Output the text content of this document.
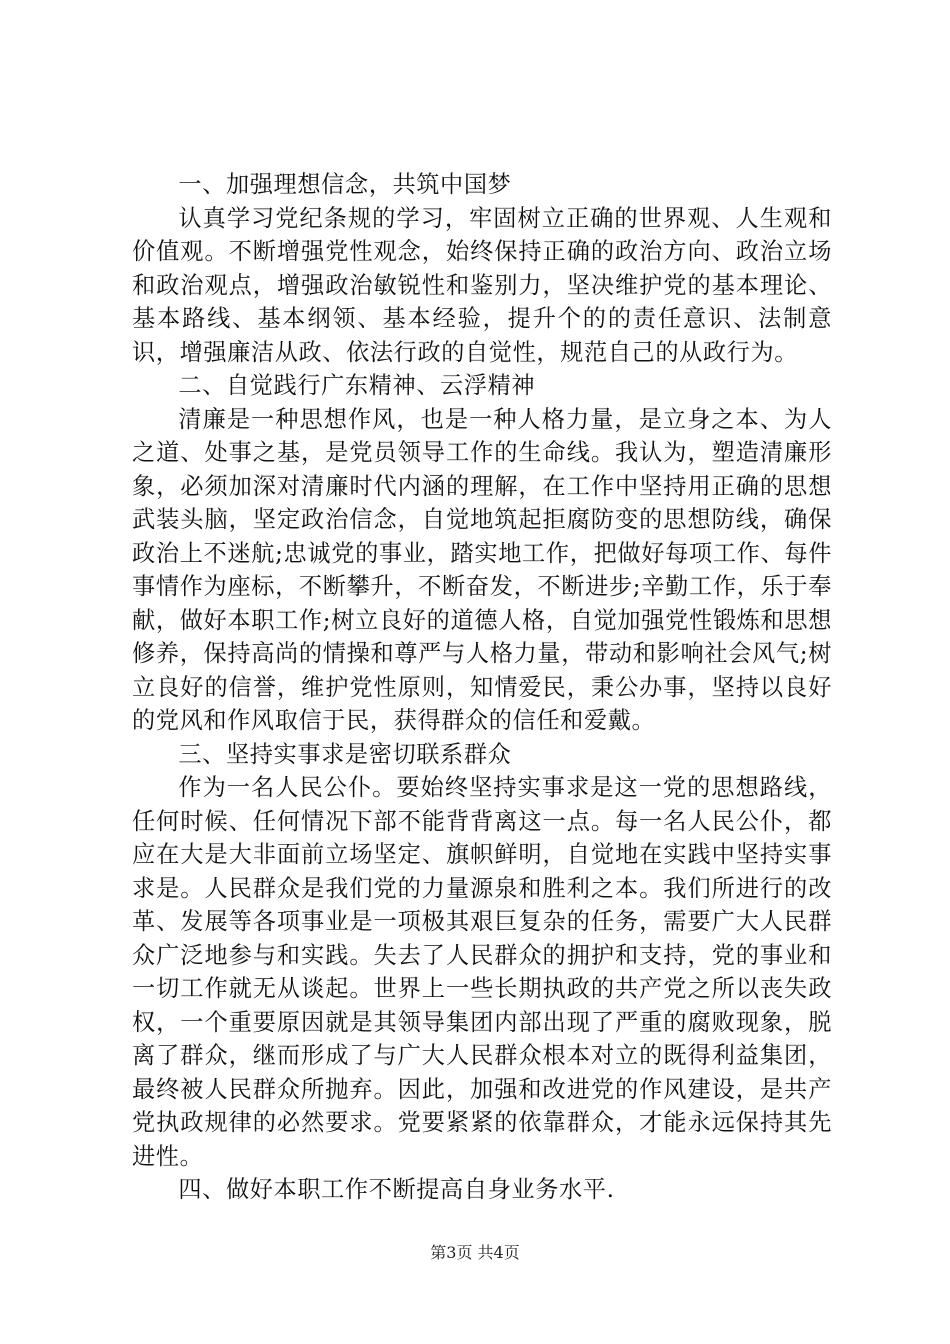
一、加强理想信念，共筑中国梦

认真学习党纪条规的学习，牢固树立正确的世界观、人生观和价值观。不断增强党性观念，始终保持正确的政治方向、政治立场和政治观点，增强政治敏锐性和鉴别力，坚决维护党的基本理论、基本路线、基本纲领、基本经验，提升个的的责任意识、法制意识，增强廉洁从政、依法行政的自觉性，规范自己的从政行为。

二、自觉践行广东精神、云浮精神

清廉是一种思想作风，也是一种人格力量，是立身之本、为人之道、处事之基，是党员领导工作的生命线。我认为，塑造清廉形象，必须加深对清廉时代内涵的理解，在工作中坚持用正确的思想武装头脑，坚定政治信念，自觉地筑起拒腐防变的思想防线，确保政治上不迷航;忠诚党的事业，踏实地工作，把做好每项工作、每件事情作为座标，不断攀升，不断奋发，不断进步;辛勤工作，乐于奉献，做好本职工作;树立良好的道德人格，自觉加强党性锻炼和思想修养，保持高尚的情操和尊严与人格力量，带动和影响社会风气;树立良好的信誉，维护党性原则，知情爱民，秉公办事，坚持以良好的党风和作风取信于民，获得群众的信任和爱戴。

三、坚持实事求是密切联系群众

作为一名人民公仆。要始终坚持实事求是这一党的思想路线，任何时候、任何情况下部不能背背离这一点。每一名人民公仆，都应在大是大非面前立场坚定、旗帜鲜明，自觉地在实践中坚持实事求是。人民群众是我们党的力量源泉和胜利之本。我们所进行的改革、发展等各项事业是一项极其艰巨复杂的任务，需要广大人民群众广泛地参与和实践。失去了人民群众的拥护和支持，党的事业和一切工作就无从谈起。世界上一些长期执政的共产党之所以丧失政权，一个重要原因就是其领导集团内部出现了严重的腐败现象，脱离了群众，继而形成了与广大人民群众根本对立的既得利益集团，最终被人民群众所抛弃。因此，加强和改进党的作风建设，是共产党执政规律的必然要求。党要紧紧的依靠群众，才能永远保持其先进性。

四、做好本职工作不断提高自身业务水平.

第3页 共4页
